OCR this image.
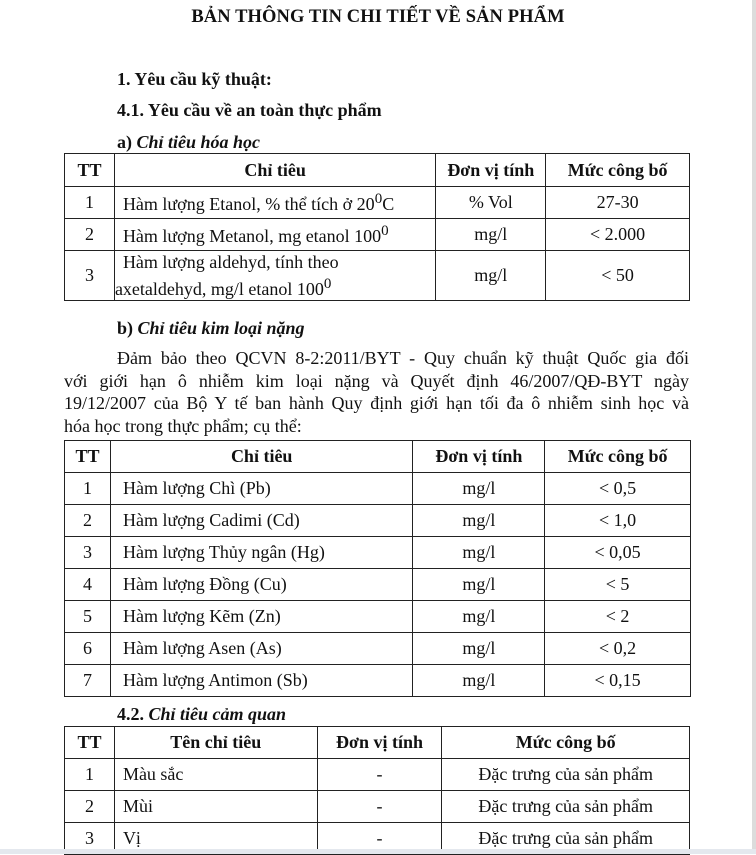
BẢN THÔNG TIN CHI TIẾT VỀ SẢN PHẨM
1. Yêu cầu kỹ thuật:
4.1. Yêu cầu về an toàn thực phẩm
a) Chỉ tiêu hóa học
TT	Chỉ tiêu	Đơn vị tính	Mức công bố
1	Hàm lượng Etanol, % thể tích ở $20^0C$	% Vol	27-30
2	Hàm lượng Metanol, mg etanol $100^0$	mg/l	< 2.000
3	Hàm lượng aldehyd, tính theo
axetaldehyd, mg/l etanol $100^0$	mg/l	< 50
b) Chỉ tiêu kim loại nặng
Đảm bảo theo QCVN 8-2:2011/BYT - Quy chuẩn kỹ thuật Quốc gia đối
với giới hạn ô nhiễm kim loại nặng và Quyết định 46/2007/QĐ-BYT ngày
19/12/2007 của Bộ Y tế ban hành Quy định giới hạn tối đa ô nhiễm sinh học và
hóa học trong thực phẩm; cụ thể:
TT	Chỉ tiêu	Đơn vị tính	Mức công bố
1	Hàm lượng Chì (Pb)	mg/l	< 0,5
2	Hàm lượng Cadimi (Cd)	mg/l	< 1,0
3	Hàm lượng Thủy ngân (Hg)	mg/l	< 0,05
4	Hàm lượng Đồng (Cu)	mg/l	< 5
5	Hàm lượng Kẽm (Zn)	mg/l	< 2
6	Hàm lượng Asen (As)	mg/l	< 0,2
7	Hàm lượng Antimon (Sb)	mg/l	< 0,15
4.2. Chỉ tiêu cảm quan
TT	Tên chỉ tiêu	Đơn vị tính	Mức công bố
1	Màu sắc	-	Đặc trưng của sản phẩm
2	Mùi	-	Đặc trưng của sản phẩm
3	Vị	-	Đặc trưng của sản phẩm
